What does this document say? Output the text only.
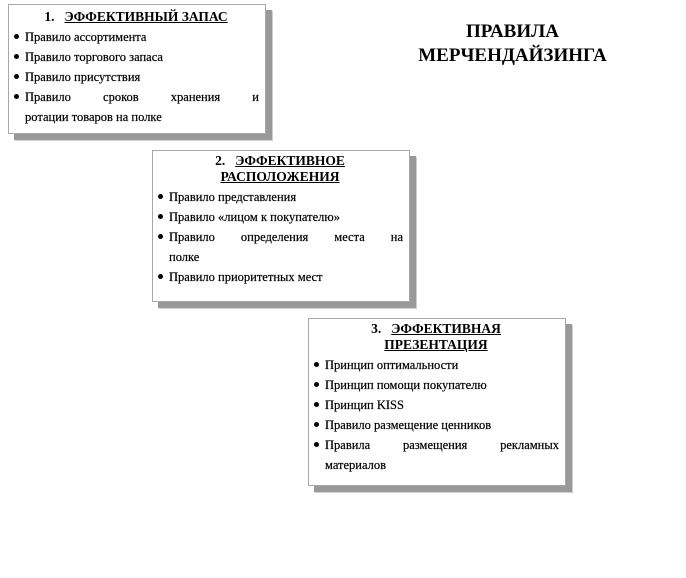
ПРАВИЛА
МЕРЧЕНДАЙЗИНГА
1. ЭФФЕКТИВНЫЙ ЗАПАС
Правило ассортимента
Правило торгового запаса
Правило присутствия
Правило сроков хранения и
ротации товаров на полке
2. ЭФФЕКТИВНОЕ
РАСПОЛОЖЕНИЯ
Правило представления
Правило «лицом к покупателю»
Правило определения места на
полке
Правило приоритетных мест
3. ЭФФЕКТИВНАЯ
ПРЕЗЕНТАЦИЯ
Принцип оптимальности
Принцип помощи покупателю
Принцип KISS
Правило размещение ценников
Правила размещения рекламных
материалов
